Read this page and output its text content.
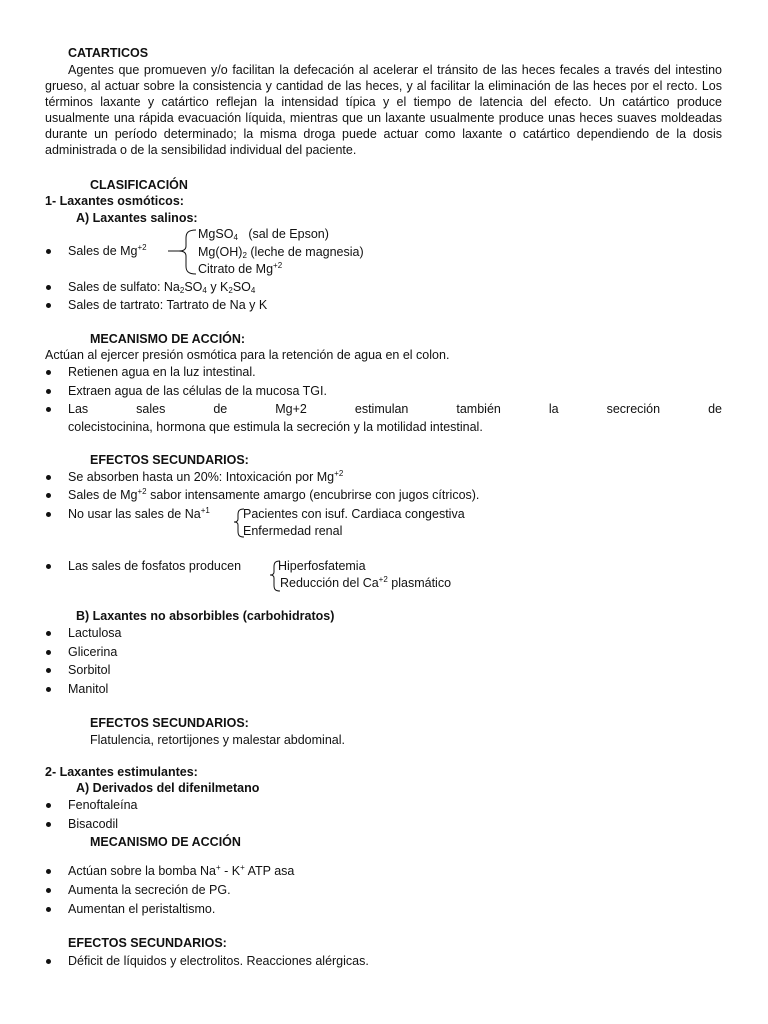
CATARTICOS
Agentes que promueven y/o facilitan la defecación al acelerar el tránsito de las heces fecales a través del intestino grueso, al actuar sobre la consistencia y cantidad de las heces, y al facilitar la eliminación de las heces por el recto. Los términos laxante y catártico reflejan la intensidad típica y el tiempo de latencia del efecto. Un catártico produce usualmente una rápida evacuación líquida, mientras que un laxante usualmente produce unas heces suaves moldeadas durante un período determinado; la misma droga puede actuar como laxante o catártico dependiendo de la dosis administrada o de la sensibilidad individual del paciente.
CLASIFICACIÓN
1- Laxantes osmóticos:
A) Laxantes salinos:
Sales de $Mg^{+2}$
MgSO$_4$ (sal de Epson)
$Mg(OH)_2$ (leche de magnesia)
Citrato de $Mg^{+2}$
Sales de sulfato: $Na_2SO_4$ y $K_2SO_4$
Sales de tartrato: Tartrato de Na y K
MECANISMO DE ACCIÓN:
Actúan al ejercer presión osmótica para la retención de agua en el colon.
Retienen agua en la luz intestinal.
Extraen agua de las células de la mucosa TGI.
Las sales de Mg+2 estimulan también la secreción de
colecistocinina, hormona que estimula la secreción y la motilidad intestinal.
EFECTOS SECUNDARIOS:
Se absorben hasta un 20%: Intoxicación por $Mg^{+2}$
Sales de $Mg^{+2}$ sabor intensamente amargo (encubrirse con jugos cítricos).
No usar las sales de $Na^{+1}$	Pacientes con isuf. Cardiaca congestiva
Enfermedad renal
Las sales de fosfatos producen	Hiperfosfatemia
Reducción del $Ca^{+2}$ plasmático
B) Laxantes no absorbibles (carbohidratos)
Lactulosa
Glicerina
Sorbitol
Manitol
EFECTOS SECUNDARIOS:
Flatulencia, retortijones y malestar abdominal.
2- Laxantes estimulantes:
A) Derivados del difenilmetano
Fenoftaleína
Bisacodil
MECANISMO DE ACCIÓN
Actúan sobre la bomba Na+ - K+ ATP asa
Aumenta la secreción de PG.
Aumentan el peristaltismo.
EFECTOS SECUNDARIOS:
Déficit de líquidos y electrolitos. Reacciones alérgicas.
